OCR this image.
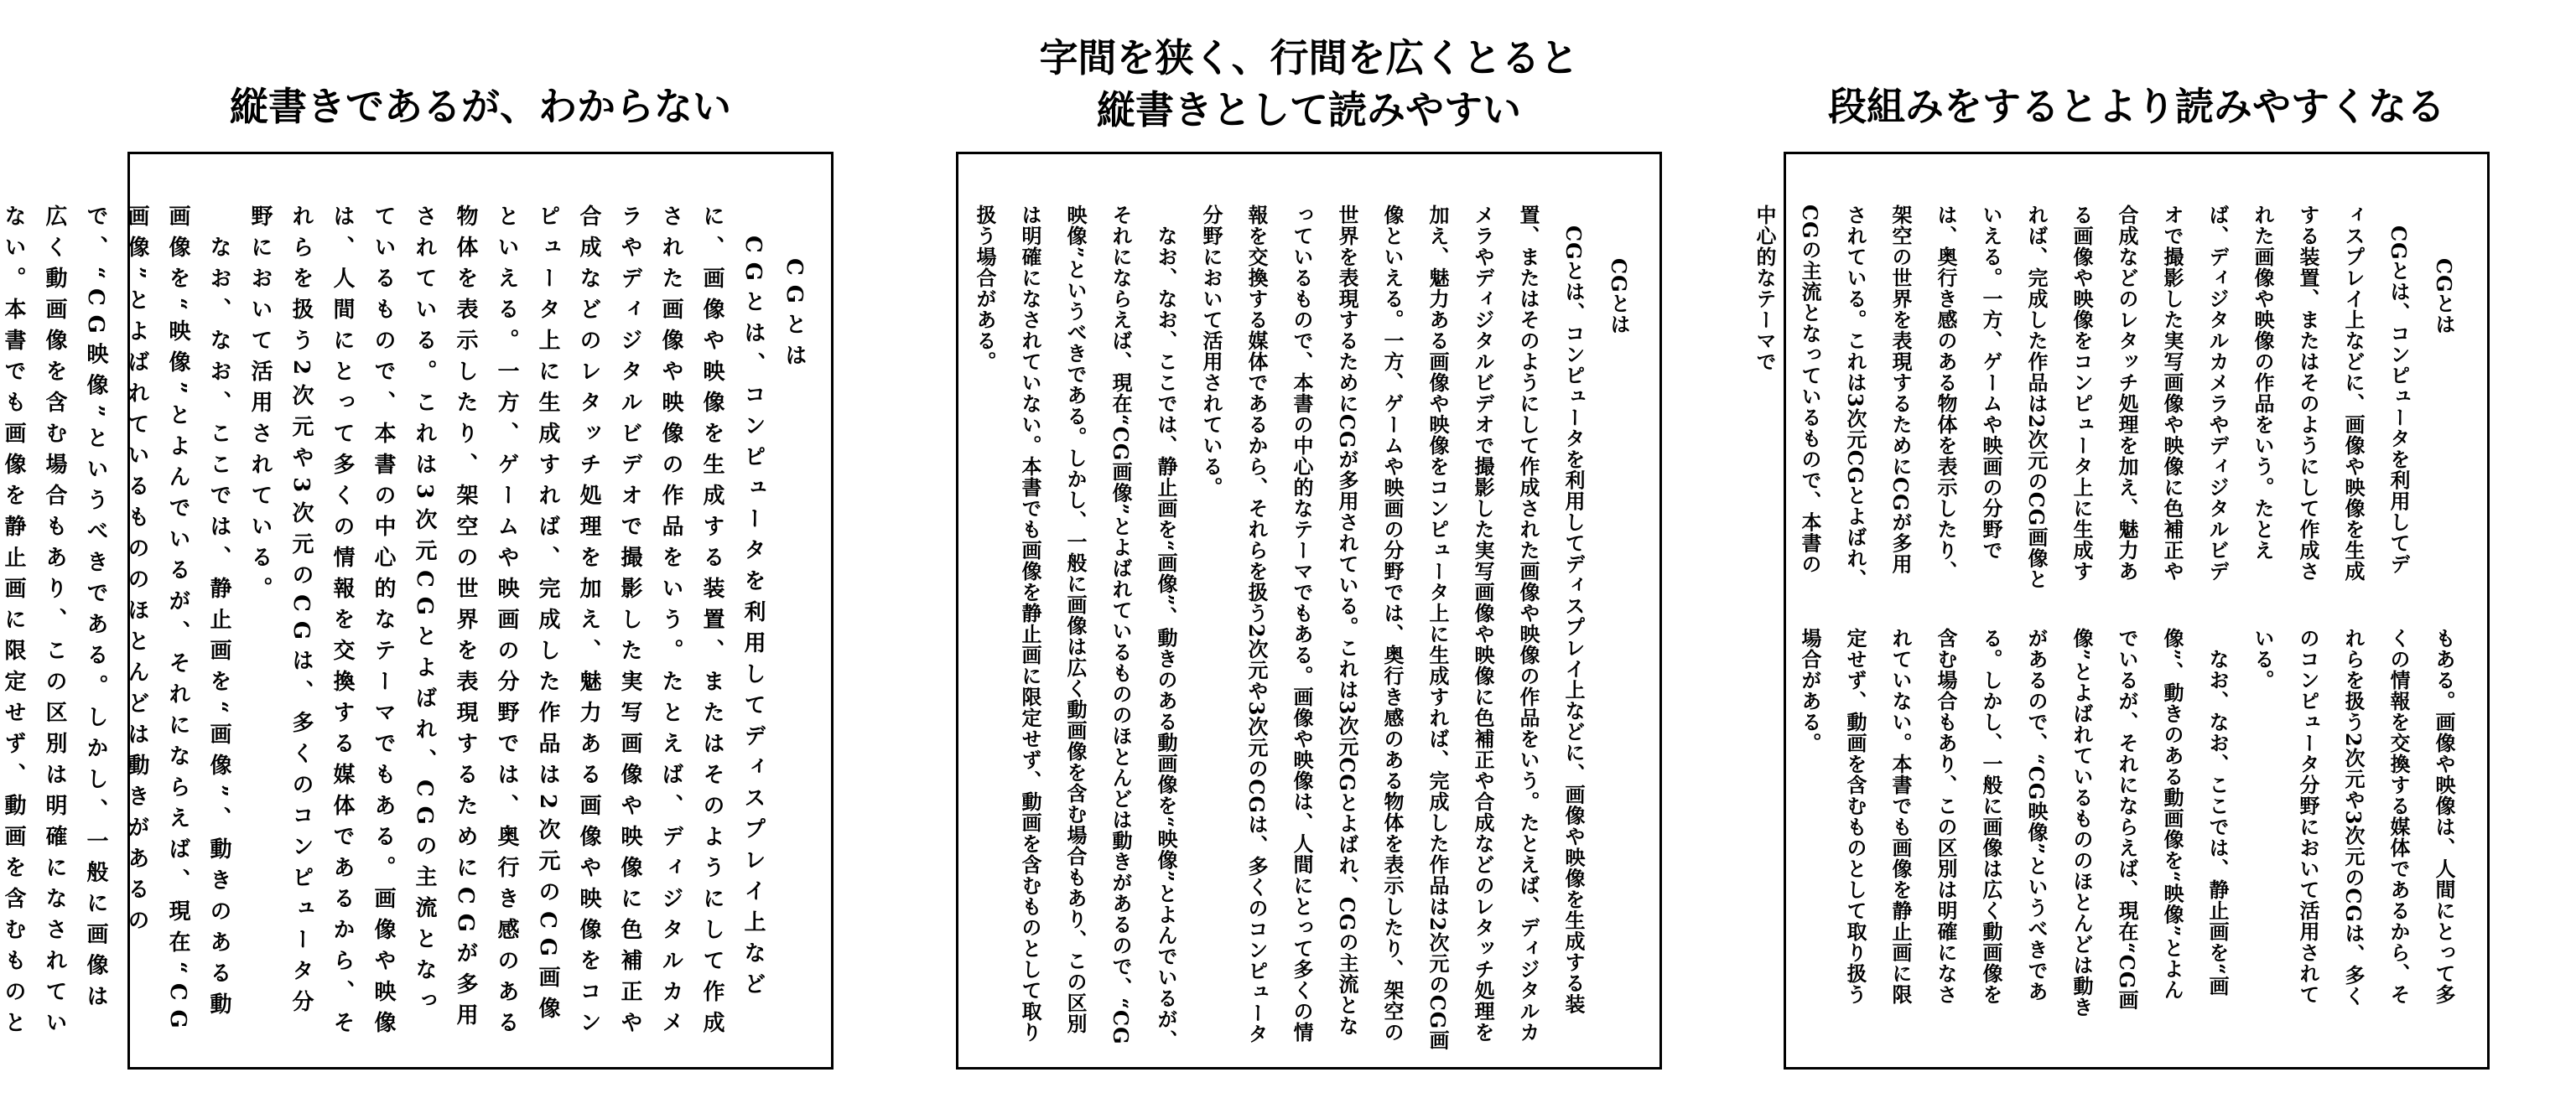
縦書きであるが、わからない

CGとは

　CGとは、コンピュータを利用してディスプレイ上などに、画像や映像を生成する装置、またはそのようにして作成された画像や映像の作品をいう。たとえば、ディジタルカメラやディジタルビデオで撮影した実写画像や映像に色補正や合成などのレタッチ処理を加え、魅力ある画像や映像をコンピュータ上に生成すれば、完成した作品は2次元のCG画像といえる。一方、ゲームや映画の分野では、奥行き感のある物体を表示したり、架空の世界を表現するためにCGが多用されている。これは3次元CGとよばれ、CGの主流となっているもので、本書の中心的なテーマでもある。画像や映像は、人間にとって多くの情報を交換する媒体であるから、それらを扱う2次元や3次元のCGは、多くのコンピュータ分野において活用されている。

　なお、なお、ここでは、静止画を“画像”、動きのある動画像を“映像”とよんでいるが、それにならえば、現在“CG画像”とよばれているもののほとんどは動きがあるので、“CG映像”というべきである。しかし、一般に画像は広く動画像を含む場合もあり、この区別は明確になされていない。本書でも画像を静止画に限定せず、動画を含むものと

字間を狭く、行間を広くとると
縦書きとして読みやすい

CGとは

　CGとは、コンピュータを利用してディスプレイ上などに、画像や映像を生成する装置、またはそのようにして作成された画像や映像の作品をいう。たとえば、ディジタルカメラやディジタルビデオで撮影した実写画像や映像に色補正や合成などのレタッチ処理を加え、魅力ある画像や映像をコンピュータ上に生成すれば、完成した作品は2次元のCG画像といえる。一方、ゲームや映画の分野では、奥行き感のある物体を表示したり、架空の世界を表現するためにCGが多用されている。これは3次元CGとよばれ、CGの主流となっているもので、本書の中心的なテーマでもある。画像や映像は、人間にとって多くの情報を交換する媒体であるから、それらを扱う2次元や3次元のCGは、多くのコンピュータ分野において活用されている。

　なお、なお、ここでは、静止画を“画像”、動きのある動画像を“映像”とよんでいるが、それにならえば、現在“CG画像”とよばれているもののほとんどは動きがあるので、“CG映像”というべきである。しかし、一般に画像は広く動画像を含む場合もあり、この区別は明確になされていない。本書でも画像を静止画に限定せず、動画を含むものとして取り扱う場合がある。

段組みをするとより読みやすくなる

CGとは

　CGとは、コンピュータを利用してディスプレイ上などに、画像や映像を生成する装置、またはそのようにして作成された画像や映像の作品をいう。たとえば、ディジタルカメラやディジタルビデオで撮影した実写画像や映像に色補正や合成などのレタッチ処理を加え、魅力ある画像や映像をコンピュータ上に生成すれば、完成した作品は2次元のCG画像といえる。一方、ゲームや映画の分野では、奥行き感のある物体を表示したり、架空の世界を表現するためにCGが多用されている。これは3次元CGとよばれ、CGの主流となっているもので、本書の中心的なテーマで

もある。画像や映像は、人間にとって多くの情報を交換する媒体であるから、それらを扱う2次元や3次元のCGは、多くのコンピュータ分野において活用されている。

　なお、なお、ここでは、静止画を“画像”、動きのある動画像を“映像”とよんでいるが、それにならえば、現在“CG画像”とよばれているもののほとんどは動きがあるので、“CG映像”というべきである。しかし、一般に画像は広く動画像を含む場合もあり、この区別は明確になされていない。本書でも画像を静止画に限定せず、動画を含むものとして取り扱う場合がある。
